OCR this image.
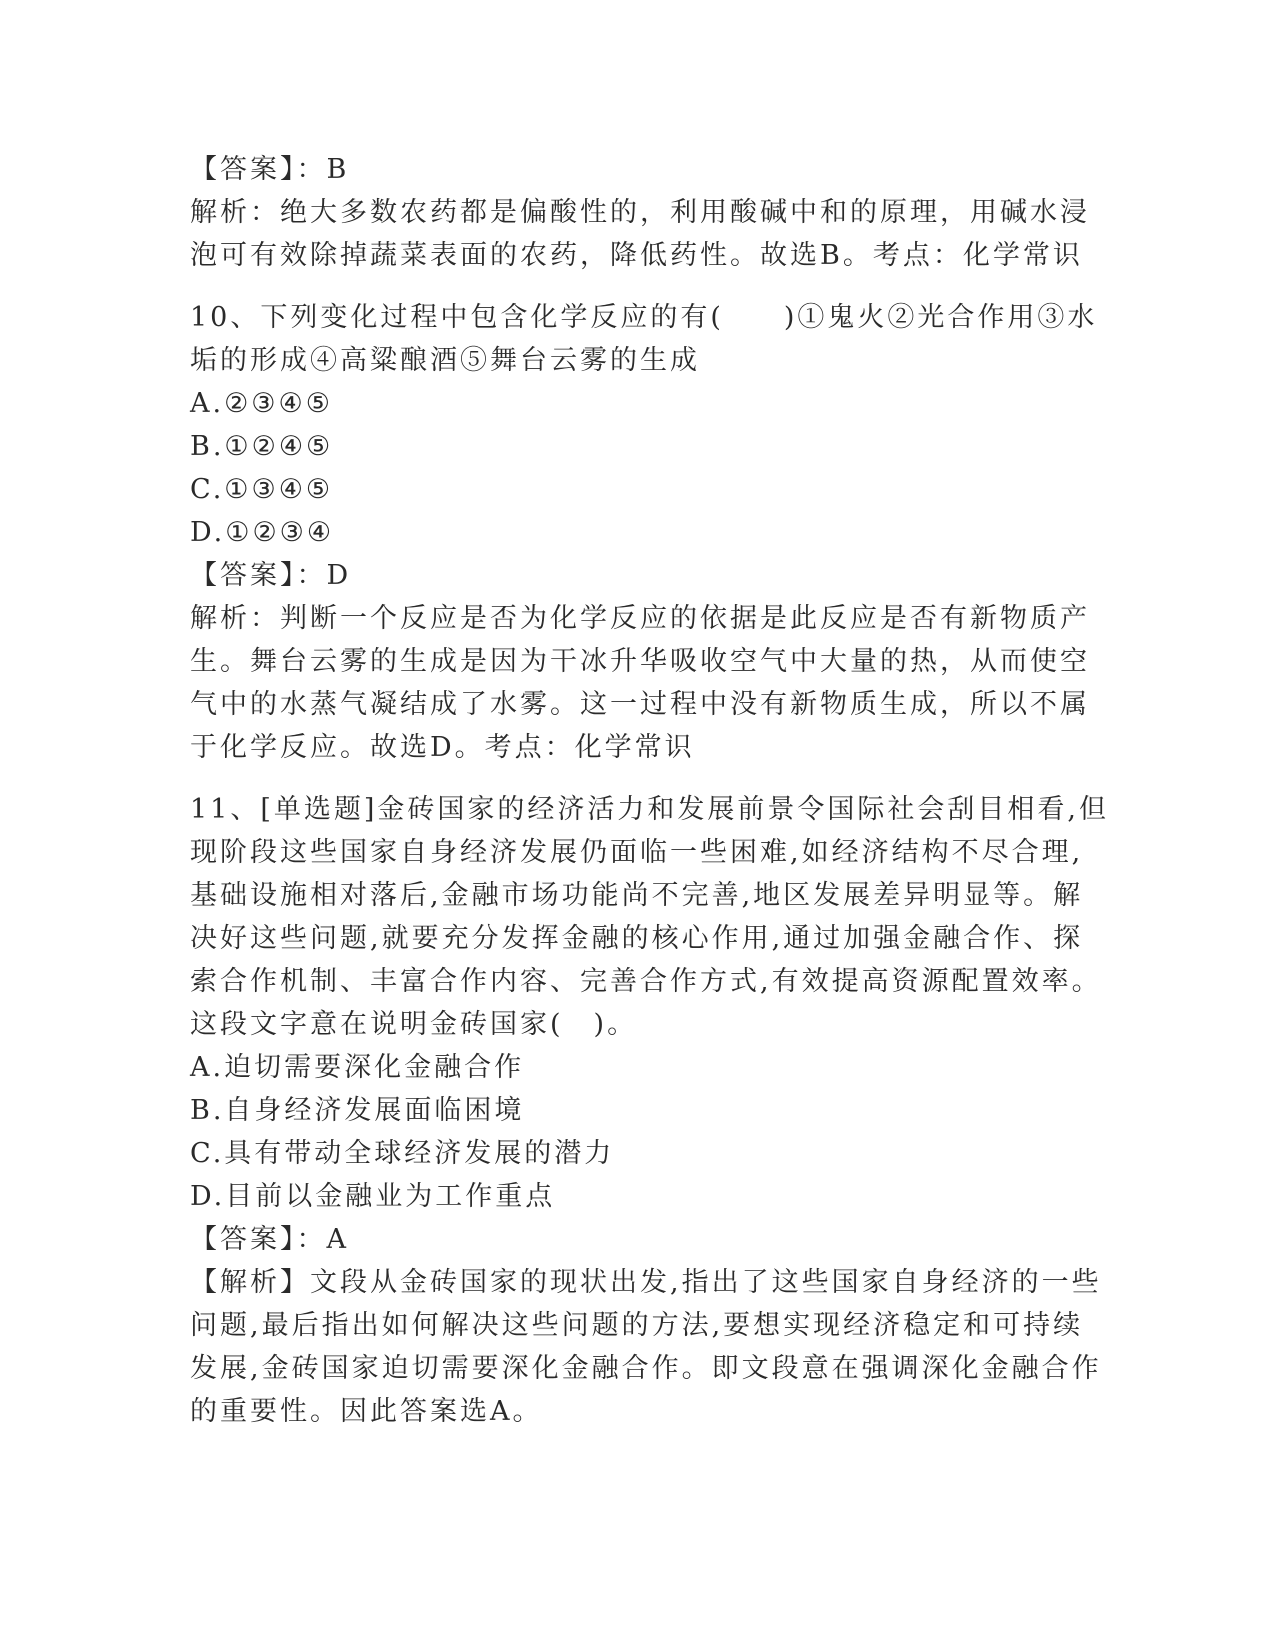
【答案】：B
解析：绝大多数农药都是偏酸性的，利用酸碱中和的原理，用碱水浸
泡可有效除掉蔬菜表面的农药，降低药性。故选B。考点：化学常识
10、下列变化过程中包含化学反应的有(　　)①鬼火②光合作用③水
垢的形成④高粱酿酒⑤舞台云雾的生成
A.②③④⑤
B.①②④⑤
C.①③④⑤
D.①②③④
【答案】：D
解析：判断一个反应是否为化学反应的依据是此反应是否有新物质产
生。舞台云雾的生成是因为干冰升华吸收空气中大量的热，从而使空
气中的水蒸气凝结成了水雾。这一过程中没有新物质生成，所以不属
于化学反应。故选D。考点：化学常识
11、[单选题]金砖国家的经济活力和发展前景令国际社会刮目相看,但
现阶段这些国家自身经济发展仍面临一些困难,如经济结构不尽合理,
基础设施相对落后,金融市场功能尚不完善,地区发展差异明显等。解
决好这些问题,就要充分发挥金融的核心作用,通过加强金融合作、探
索合作机制、丰富合作内容、完善合作方式,有效提高资源配置效率。
这段文字意在说明金砖国家(　)。
A.迫切需要深化金融合作
B.自身经济发展面临困境
C.具有带动全球经济发展的潜力
D.目前以金融业为工作重点
【答案】：A
【解析】文段从金砖国家的现状出发,指出了这些国家自身经济的一些
问题,最后指出如何解决这些问题的方法,要想实现经济稳定和可持续
发展,金砖国家迫切需要深化金融合作。即文段意在强调深化金融合作
的重要性。因此答案选A。
